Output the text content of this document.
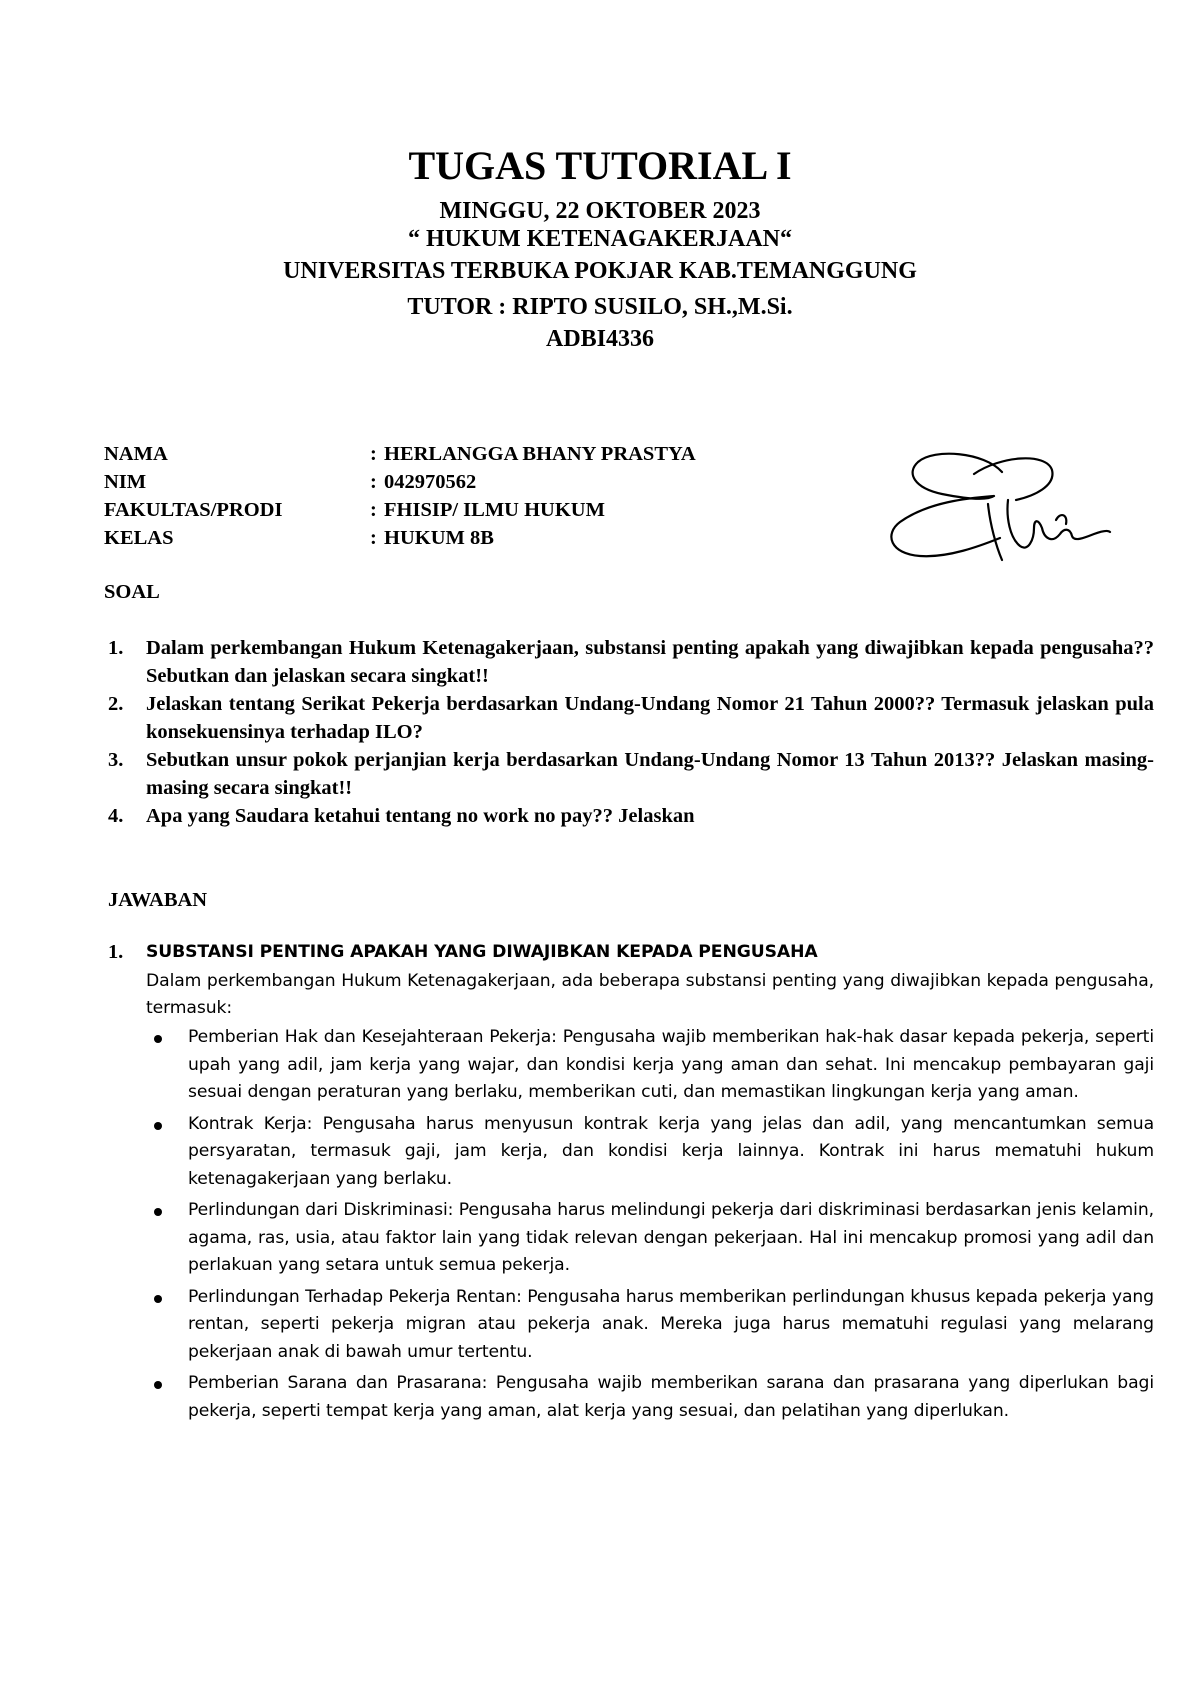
TUGAS TUTORIAL I
MINGGU, 22 OKTOBER 2023
“ HUKUM KETENAGAKERJAAN“
UNIVERSITAS TERBUKA POKJAR KAB.TEMANGGUNG
TUTOR : RIPTO SUSILO, SH.,M.Si.
ADBI4336
NAMA	: HERLANGGA BHANY PRASTYA
NIM	: 042970562
FAKULTAS/PRODI	: FHISIP/ ILMU HUKUM
KELAS	: HUKUM 8B
SOAL
1. Dalam perkembangan Hukum Ketenagakerjaan, substansi penting apakah yang diwajibkan kepada pengusaha?? Sebutkan dan jelaskan secara singkat!!
2. Jelaskan tentang Serikat Pekerja berdasarkan Undang-Undang Nomor 21 Tahun 2000?? Termasuk jelaskan pula konsekuensinya terhadap ILO?
3. Sebutkan unsur pokok perjanjian kerja berdasarkan Undang-Undang Nomor 13 Tahun 2013?? Jelaskan masing-masing secara singkat!!
4. Apa yang Saudara ketahui tentang no work no pay?? Jelaskan
JAWABAN
1. SUBSTANSI PENTING APAKAH YANG DIWAJIBKAN KEPADA PENGUSAHA
Dalam perkembangan Hukum Ketenagakerjaan, ada beberapa substansi penting yang diwajibkan kepada pengusaha, termasuk:
Pemberian Hak dan Kesejahteraan Pekerja: Pengusaha wajib memberikan hak-hak dasar kepada pekerja, seperti upah yang adil, jam kerja yang wajar, dan kondisi kerja yang aman dan sehat. Ini mencakup pembayaran gaji sesuai dengan peraturan yang berlaku, memberikan cuti, dan memastikan lingkungan kerja yang aman.
Kontrak Kerja: Pengusaha harus menyusun kontrak kerja yang jelas dan adil, yang mencantumkan semua persyaratan, termasuk gaji, jam kerja, dan kondisi kerja lainnya. Kontrak ini harus mematuhi hukum ketenagakerjaan yang berlaku.
Perlindungan dari Diskriminasi: Pengusaha harus melindungi pekerja dari diskriminasi berdasarkan jenis kelamin, agama, ras, usia, atau faktor lain yang tidak relevan dengan pekerjaan. Hal ini mencakup promosi yang adil dan perlakuan yang setara untuk semua pekerja.
Perlindungan Terhadap Pekerja Rentan: Pengusaha harus memberikan perlindungan khusus kepada pekerja yang rentan, seperti pekerja migran atau pekerja anak. Mereka juga harus mematuhi regulasi yang melarang pekerjaan anak di bawah umur tertentu.
Pemberian Sarana dan Prasarana: Pengusaha wajib memberikan sarana dan prasarana yang diperlukan bagi pekerja, seperti tempat kerja yang aman, alat kerja yang sesuai, dan pelatihan yang diperlukan.
